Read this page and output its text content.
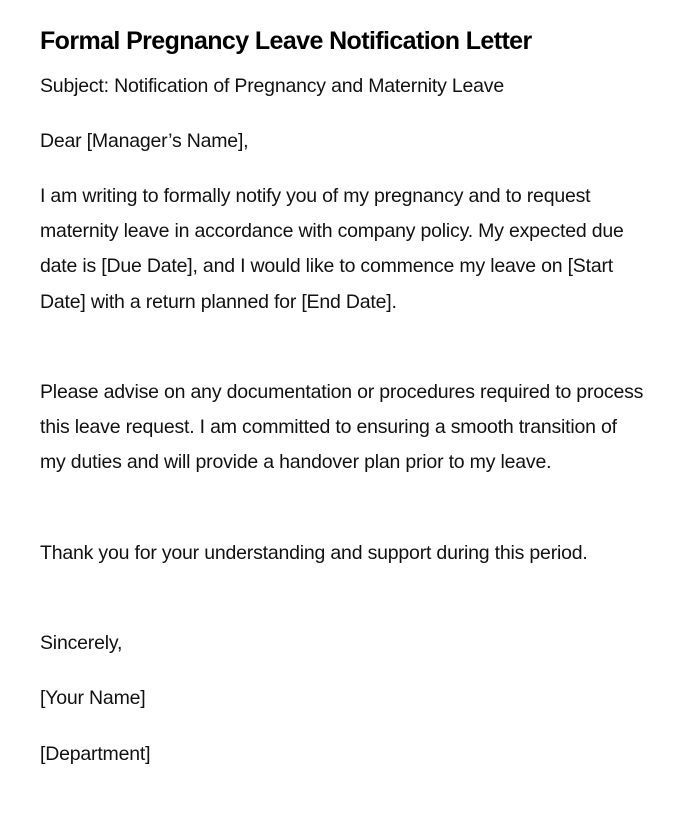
Formal Pregnancy Leave Notification Letter

Subject: Notification of Pregnancy and Maternity Leave

Dear [Manager’s Name],

I am writing to formally notify you of my pregnancy and to request maternity leave in accordance with company policy. My expected due date is [Due Date], and I would like to commence my leave on [Start Date] with a return planned for [End Date].

Please advise on any documentation or procedures required to process this leave request. I am committed to ensuring a smooth transition of my duties and will provide a handover plan prior to my leave.

Thank you for your understanding and support during this period.

Sincerely,

[Your Name]

[Department]
